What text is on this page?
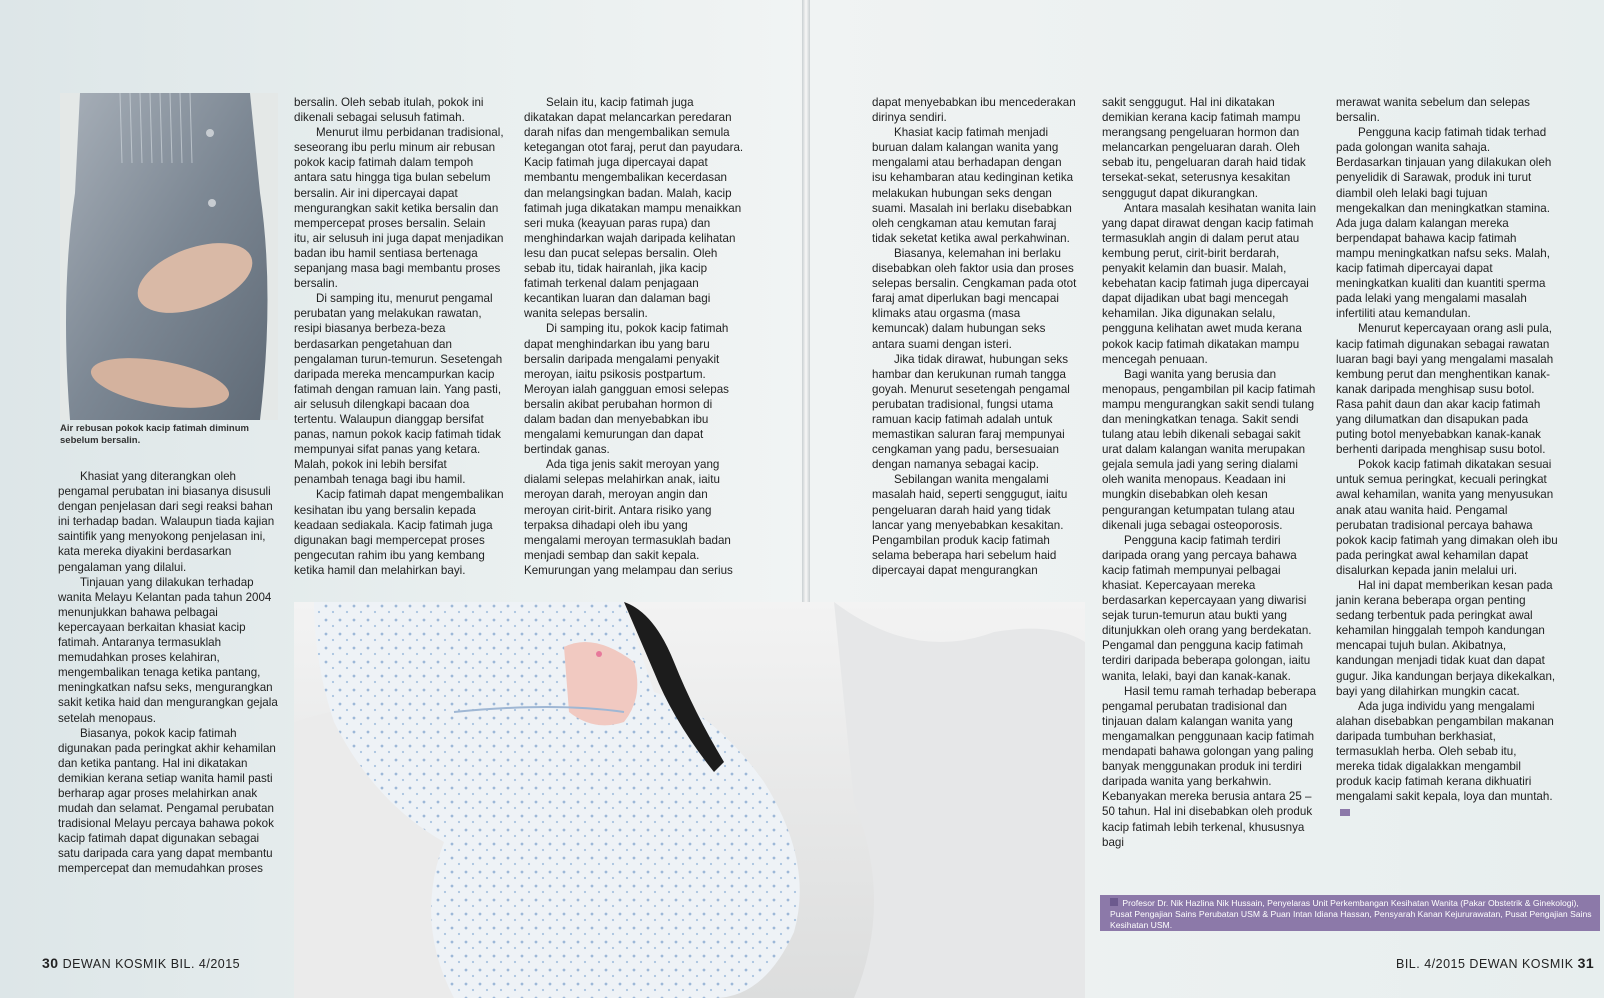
Air rebusan pokok kacip fatimah diminum sebelum bersalin.

Khasiat yang diterangkan oleh pengamal perubatan ini biasanya disusuli dengan penjelasan dari segi reaksi bahan ini terhadap badan. Walaupun tiada kajian saintifik yang menyokong penjelasan ini, kata mereka diyakini berdasarkan pengalaman yang dilalui.

Tinjauan yang dilakukan terhadap wanita Melayu Kelantan pada tahun 2004 menunjukkan bahawa pelbagai kepercayaan berkaitan khasiat kacip fatimah. Antaranya termasuklah memudahkan proses kelahiran, mengembalikan tenaga ketika pantang, meningkatkan nafsu seks, mengurangkan sakit ketika haid dan mengurangkan gejala setelah menopaus.

Biasanya, pokok kacip fatimah digunakan pada peringkat akhir kehamilan dan ketika pantang. Hal ini dikatakan demikian kerana setiap wanita hamil pasti berharap agar proses melahirkan anak mudah dan selamat. Pengamal perubatan tradisional Melayu percaya bahawa pokok kacip fatimah dapat digunakan sebagai satu daripada cara yang dapat membantu mempercepat dan memudahkan proses

bersalin. Oleh sebab itulah, pokok ini dikenali sebagai selusuh fatimah.

Menurut ilmu perbidanan tradisional, seseorang ibu perlu minum air rebusan pokok kacip fatimah dalam tempoh antara satu hingga tiga bulan sebelum bersalin. Air ini dipercayai dapat mengurangkan sakit ketika bersalin dan mempercepat proses bersalin. Selain itu, air selusuh ini juga dapat menjadikan badan ibu hamil sentiasa bertenaga sepanjang masa bagi membantu proses bersalin.

Di samping itu, menurut pengamal perubatan yang melakukan rawatan, resipi biasanya berbeza-beza berdasarkan pengetahuan dan pengalaman turun-temurun. Sesetengah daripada mereka mencampurkan kacip fatimah dengan ramuan lain. Yang pasti, air selusuh dilengkapi bacaan doa tertentu. Walaupun dianggap bersifat panas, namun pokok kacip fatimah tidak mempunyai sifat panas yang ketara. Malah, pokok ini lebih bersifat penambah tenaga bagi ibu hamil.

Kacip fatimah dapat mengembalikan kesihatan ibu yang bersalin kepada keadaan sediakala. Kacip fatimah juga digunakan bagi mempercepat proses pengecutan rahim ibu yang kembang ketika hamil dan melahirkan bayi.

Selain itu, kacip fatimah juga dikatakan dapat melancarkan peredaran darah nifas dan mengembalikan semula ketegangan otot faraj, perut dan payudara. Kacip fatimah juga dipercayai dapat membantu mengembalikan kecerdasan dan melangsingkan badan. Malah, kacip fatimah juga dikatakan mampu menaikkan seri muka (keayuan paras rupa) dan menghindarkan wajah daripada kelihatan lesu dan pucat selepas bersalin. Oleh sebab itu, tidak hairanlah, jika kacip fatimah terkenal dalam penjagaan kecantikan luaran dan dalaman bagi wanita selepas bersalin.

Di samping itu, pokok kacip fatimah dapat menghindarkan ibu yang baru bersalin daripada mengalami penyakit meroyan, iaitu psikosis postpartum. Meroyan ialah gangguan emosi selepas bersalin akibat perubahan hormon di dalam badan dan menyebabkan ibu mengalami kemurungan dan dapat bertindak ganas.

Ada tiga jenis sakit meroyan yang dialami selepas melahirkan anak, iaitu meroyan darah, meroyan angin dan meroyan cirit-birit. Antara risiko yang terpaksa dihadapi oleh ibu yang mengalami meroyan termasuklah badan menjadi sembap dan sakit kepala. Kemurungan yang melampau dan serius

30 DEWAN KOSMIK BIL. 4/2015

dapat menyebabkan ibu mencederakan dirinya sendiri.

Khasiat kacip fatimah menjadi buruan dalam kalangan wanita yang mengalami atau berhadapan dengan isu kehambaran atau kedinginan ketika melakukan hubungan seks dengan suami. Masalah ini berlaku disebabkan oleh cengkaman atau kemutan faraj tidak seketat ketika awal perkahwinan.

Biasanya, kelemahan ini berlaku disebabkan oleh faktor usia dan proses selepas bersalin. Cengkaman pada otot faraj amat diperlukan bagi mencapai klimaks atau orgasma (masa kemuncak) dalam hubungan seks antara suami dengan isteri.

Jika tidak dirawat, hubungan seks hambar dan kerukunan rumah tangga goyah. Menurut sesetengah pengamal perubatan tradisional, fungsi utama ramuan kacip fatimah adalah untuk memastikan saluran faraj mempunyai cengkaman yang padu, bersesuaian dengan namanya sebagai kacip.

Sebilangan wanita mengalami masalah haid, seperti senggugut, iaitu pengeluaran darah haid yang tidak lancar yang menyebabkan kesakitan. Pengambilan produk kacip fatimah selama beberapa hari sebelum haid dipercayai dapat mengurangkan

sakit senggugut. Hal ini dikatakan demikian kerana kacip fatimah mampu merangsang pengeluaran hormon dan melancarkan pengeluaran darah. Oleh sebab itu, pengeluaran darah haid tidak tersekat-sekat, seterusnya kesakitan senggugut dapat dikurangkan.

Antara masalah kesihatan wanita lain yang dapat dirawat dengan kacip fatimah termasuklah angin di dalam perut atau kembung perut, cirit-birit berdarah, penyakit kelamin dan buasir. Malah, kebehatan kacip fatimah juga dipercayai dapat dijadikan ubat bagi mencegah kehamilan. Jika digunakan selalu, pengguna kelihatan awet muda kerana pokok kacip fatimah dikatakan mampu mencegah penuaan.

Bagi wanita yang berusia dan menopaus, pengambilan pil kacip fatimah mampu mengurangkan sakit sendi tulang dan meningkatkan tenaga. Sakit sendi tulang atau lebih dikenali sebagai sakit urat dalam kalangan wanita merupakan gejala semula jadi yang sering dialami oleh wanita menopaus. Keadaan ini mungkin disebabkan oleh kesan pengurangan ketumpatan tulang atau dikenali juga sebagai osteoporosis.

Pengguna kacip fatimah terdiri daripada orang yang percaya bahawa kacip fatimah mempunyai pelbagai khasiat. Kepercayaan mereka berdasarkan kepercayaan yang diwarisi sejak turun-temurun atau bukti yang ditunjukkan oleh orang yang berdekatan. Pengamal dan pengguna kacip fatimah terdiri daripada beberapa golongan, iaitu wanita, lelaki, bayi dan kanak-kanak.

Hasil temu ramah terhadap beberapa pengamal perubatan tradisional dan tinjauan dalam kalangan wanita yang mengamalkan penggunaan kacip fatimah mendapati bahawa golongan yang paling banyak menggunakan produk ini terdiri daripada wanita yang berkahwin. Kebanyakan mereka berusia antara 25 – 50 tahun. Hal ini disebabkan oleh produk kacip fatimah lebih terkenal, khususnya bagi

merawat wanita sebelum dan selepas bersalin.

Pengguna kacip fatimah tidak terhad pada golongan wanita sahaja. Berdasarkan tinjauan yang dilakukan oleh penyelidik di Sarawak, produk ini turut diambil oleh lelaki bagi tujuan mengekalkan dan meningkatkan stamina. Ada juga dalam kalangan mereka berpendapat bahawa kacip fatimah mampu meningkatkan nafsu seks. Malah, kacip fatimah dipercayai dapat meningkatkan kualiti dan kuantiti sperma pada lelaki yang mengalami masalah infertiliti atau kemandulan.

Menurut kepercayaan orang asli pula, kacip fatimah digunakan sebagai rawatan luaran bagi bayi yang mengalami masalah kembung perut dan menghentikan kanak-kanak daripada menghisap susu botol. Rasa pahit daun dan akar kacip fatimah yang dilumatkan dan disapukan pada puting botol menyebabkan kanak-kanak berhenti daripada menghisap susu botol.

Pokok kacip fatimah dikatakan sesuai untuk semua peringkat, kecuali peringkat awal kehamilan, wanita yang menyusukan anak atau wanita haid. Pengamal perubatan tradisional percaya bahawa pokok kacip fatimah yang dimakan oleh ibu pada peringkat awal kehamilan dapat disalurkan kepada janin melalui uri.

Hal ini dapat memberikan kesan pada janin kerana beberapa organ penting sedang terbentuk pada peringkat awal kehamilan hinggalah tempoh kandungan mencapai tujuh bulan. Akibatnya, kandungan menjadi tidak kuat dan dapat gugur. Jika kandungan berjaya dikekalkan, bayi yang dilahirkan mungkin cacat.

Ada juga individu yang mengalami alahan disebabkan pengambilan makanan daripada tumbuhan berkhasiat, termasuklah herba. Oleh sebab itu, mereka tidak digalakkan mengambil produk kacip fatimah kerana dikhuatiri mengalami sakit kepala, loya dan muntah.

BIL. 4/2015 DEWAN KOSMIK 31
Profesor Dr. Nik Hazlina Nik Hussain, Penyelaras Unit Perkembangan Kesihatan Wanita (Pakar Obstetrik & Ginekologi), Pusat Pengajian Sains Perubatan USM & Puan Intan Idiana Hassan, Pensyarah Kanan Kejururawatan, Pusat Pengajian Sains Kesihatan USM.
